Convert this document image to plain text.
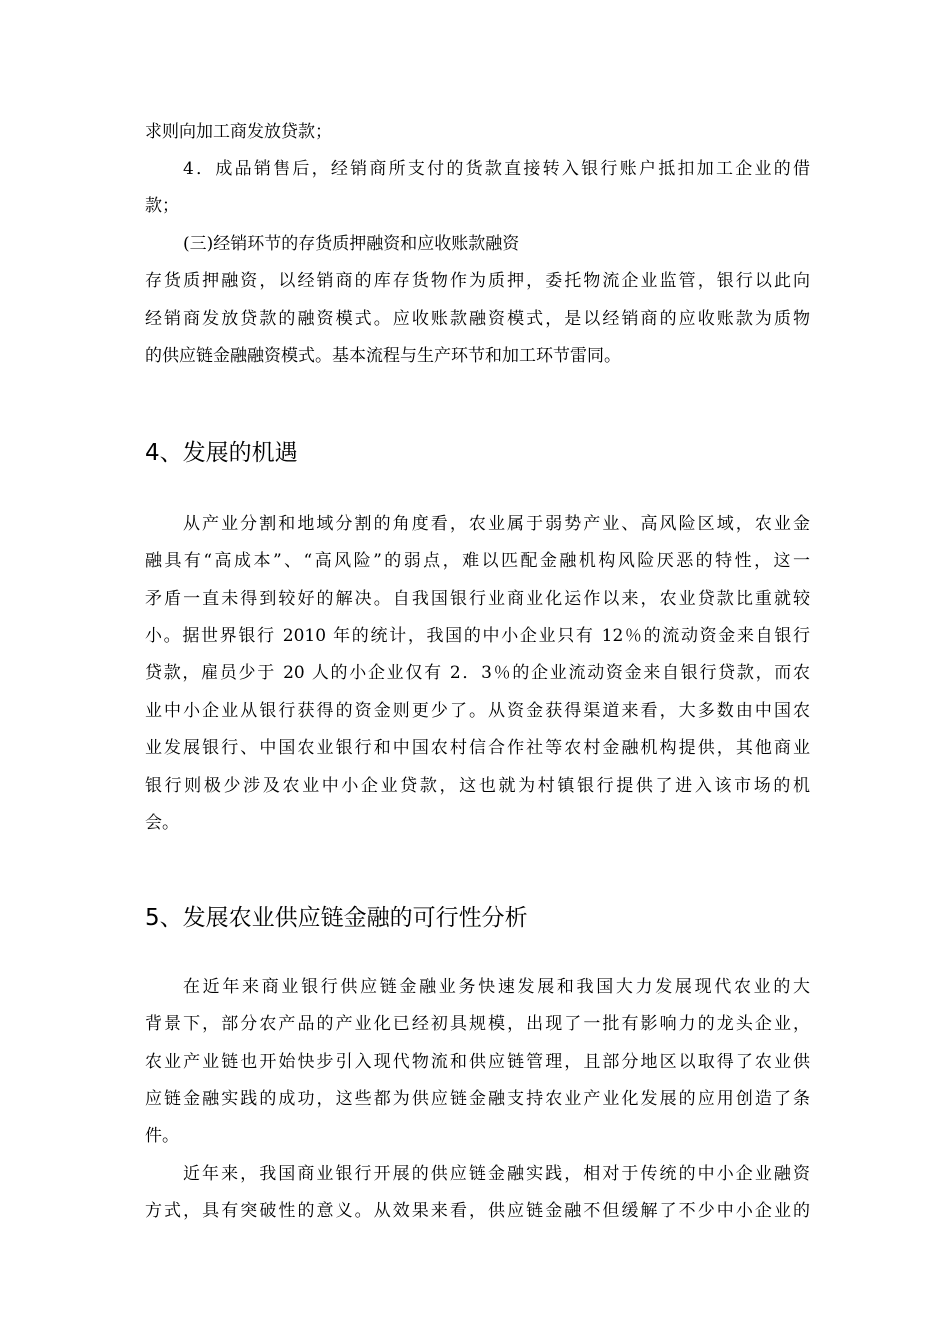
求则向加工商发放贷款；
4．成品销售后，经销商所支付的货款直接转入银行账户抵扣加工企业的借
款；
(三)经销环节的存货质押融资和应收账款融资
存货质押融资，以经销商的库存货物作为质押，委托物流企业监管，银行以此向
经销商发放贷款的融资模式。应收账款融资模式，是以经销商的应收账款为质物
的供应链金融融资模式。基本流程与生产环节和加工环节雷同。
4、发展的机遇
从产业分割和地域分割的角度看，农业属于弱势产业、高风险区域，农业金
融具有“高成本”、“高风险”的弱点，难以匹配金融机构风险厌恶的特性，这一
矛盾一直未得到较好的解决。自我国银行业商业化运作以来，农业贷款比重就较
小。据世界银行 2010 年的统计，我国的中小企业只有 12％的流动资金来自银行
贷款，雇员少于 20 人的小企业仅有 2．3％的企业流动资金来自银行贷款，而农
业中小企业从银行获得的资金则更少了。从资金获得渠道来看，大多数由中国农
业发展银行、中国农业银行和中国农村信合作社等农村金融机构提供，其他商业
银行则极少涉及农业中小企业贷款，这也就为村镇银行提供了进入该市场的机
会。
5、发展农业供应链金融的可行性分析
在近年来商业银行供应链金融业务快速发展和我国大力发展现代农业的大
背景下，部分农产品的产业化已经初具规模，出现了一批有影响力的龙头企业，
农业产业链也开始快步引入现代物流和供应链管理，且部分地区以取得了农业供
应链金融实践的成功，这些都为供应链金融支持农业产业化发展的应用创造了条
件。
近年来，我国商业银行开展的供应链金融实践，相对于传统的中小企业融资
方式，具有突破性的意义。从效果来看，供应链金融不但缓解了不少中小企业的
